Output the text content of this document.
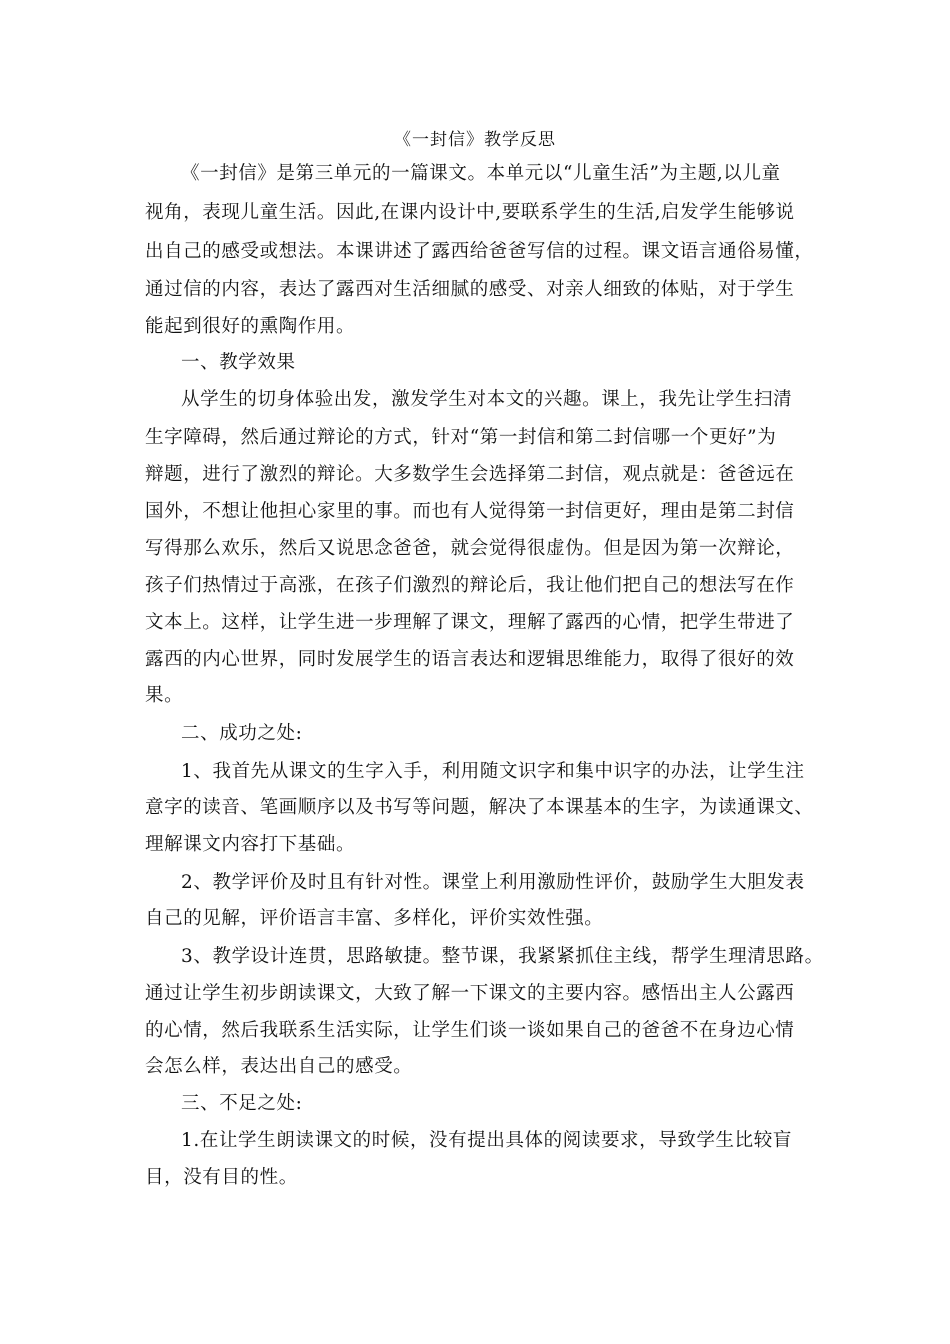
《一封信》教学反思
《一封信》是第三单元的一篇课文。本单元以“儿童生活”为主题,以儿童
视角，表现儿童生活。因此,在课内设计中,要联系学生的生活,启发学生能够说
出自己的感受或想法。本课讲述了露西给爸爸写信的过程。课文语言通俗易懂，
通过信的内容，表达了露西对生活细腻的感受、对亲人细致的体贴，对于学生
能起到很好的熏陶作用。
一、教学效果
从学生的切身体验出发，激发学生对本文的兴趣。课上，我先让学生扫清
生字障碍，然后通过辩论的方式，针对“第一封信和第二封信哪一个更好”为
辩题，进行了激烈的辩论。大多数学生会选择第二封信，观点就是：爸爸远在
国外，不想让他担心家里的事。而也有人觉得第一封信更好，理由是第二封信
写得那么欢乐，然后又说思念爸爸，就会觉得很虚伪。但是因为第一次辩论，
孩子们热情过于高涨，在孩子们激烈的辩论后，我让他们把自己的想法写在作
文本上。这样，让学生进一步理解了课文，理解了露西的心情，把学生带进了
露西的内心世界，同时发展学生的语言表达和逻辑思维能力，取得了很好的效
果。
二、成功之处:
1、我首先从课文的生字入手，利用随文识字和集中识字的办法，让学生注
意字的读音、笔画顺序以及书写等问题，解决了本课基本的生字，为读通课文、
理解课文内容打下基础。
2、教学评价及时且有针对性。课堂上利用激励性评价，鼓励学生大胆发表
自己的见解，评价语言丰富、多样化，评价实效性强。
3、教学设计连贯，思路敏捷。整节课，我紧紧抓住主线，帮学生理清思路。
通过让学生初步朗读课文，大致了解一下课文的主要内容。感悟出主人公露西
的心情，然后我联系生活实际，让学生们谈一谈如果自己的爸爸不在身边心情
会怎么样，表达出自己的感受。
三、不足之处:
1.在让学生朗读课文的时候，没有提出具体的阅读要求，导致学生比较盲
目，没有目的性。
